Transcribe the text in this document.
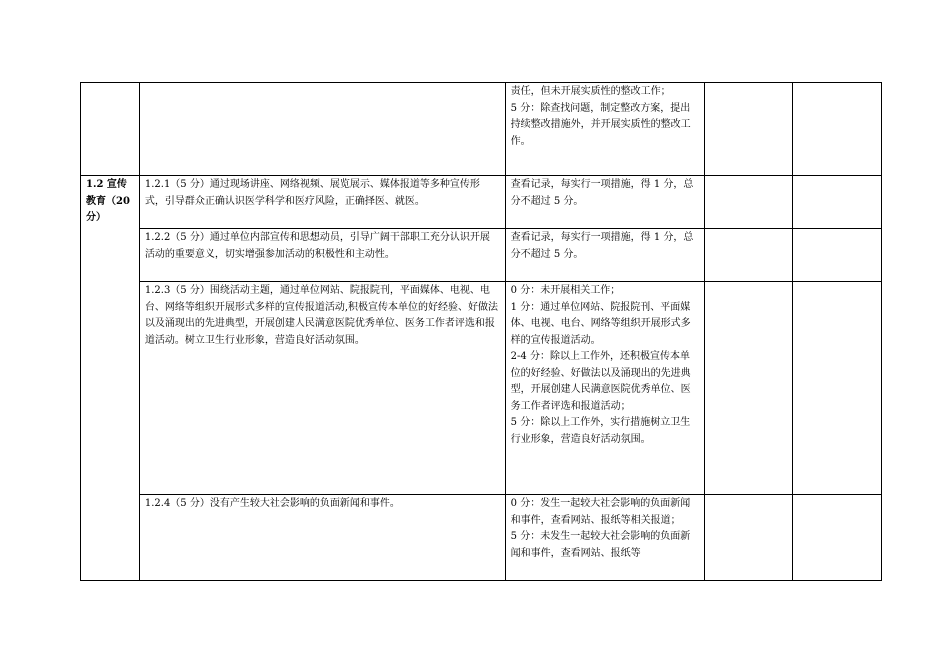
		责任，但未开展实质性的整改工作；
5 分：除查找问题，制定整改方案，提出持续整改措施外，并开展实质性的整改工作。		

1.2 宣传教育（20 分）	1.2.1（5 分）通过现场讲座、网络视频、展览展示、媒体报道等多种宣传形式，引导群众正确认识医学科学和医疗风险，正确择医、就医。	查看记录，每实行一项措施，得 1 分，总分不超过 5 分。		

	1.2.2（5 分）通过单位内部宣传和思想动员，引导广阔干部职工充分认识开展活动的重要意义，切实增强参加活动的积极性和主动性。	查看记录，每实行一项措施，得 1 分，总分不超过 5 分。		

	1.2.3（5 分）围绕活动主题，通过单位网站、院报院刊，平面媒体、电视、电台、网络等组织开展形式多样的宣传报道活动,积极宣传本单位的好经验、好做法以及涌现出的先进典型，开展创建人民满意医院优秀单位、医务工作者评选和报道活动。树立卫生行业形象，营造良好活动氛围。	0 分：未开展相关工作；
1 分：通过单位网站、院报院刊、平面媒体、电视、电台、网络等组织开展形式多样的宣传报道活动。
2-4 分：除以上工作外，还积极宣传本单位的好经验、好做法以及涌现出的先进典型，开展创建人民满意医院优秀单位、医务工作者评选和报道活动；
5 分：除以上工作外，实行措施树立卫生行业形象，营造良好活动氛围。		

	1.2.4（5 分）没有产生较大社会影响的负面新闻和事件。	0 分：发生一起较大社会影响的负面新闻和事件，查看网站、报纸等相关报道；
5 分：未发生一起较大社会影响的负面新闻和事件，查看网站、报纸等		
